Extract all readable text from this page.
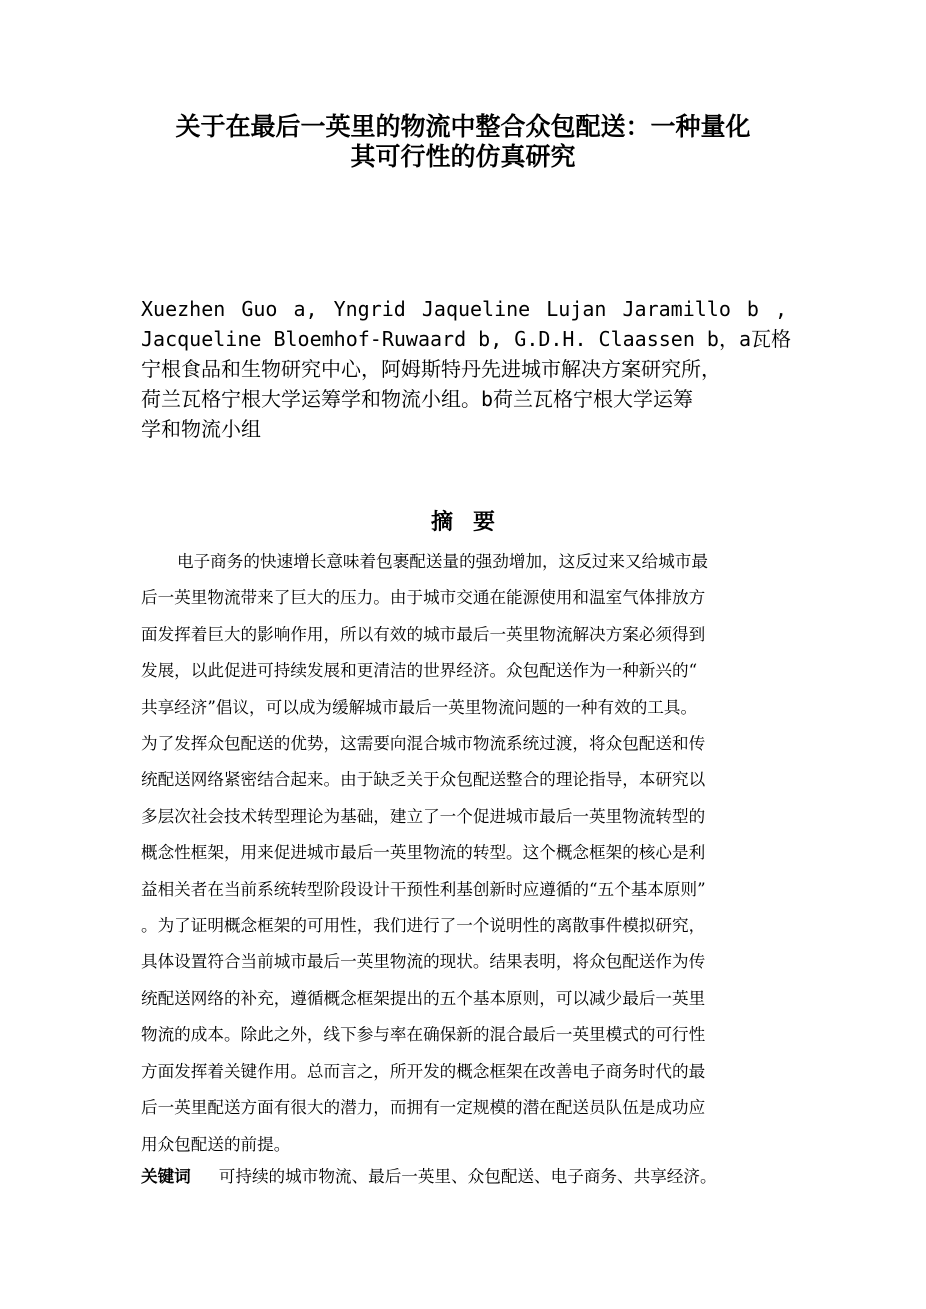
关于在最后一英里的物流中整合众包配送：一种量化
其可行性的仿真研究
Xuezhen Guo a, Yngrid Jaqueline Lujan Jaramillo b ,
Jacqueline Bloemhof-Ruwaard b, G.D.H. Claassen b，a瓦格
宁根食品和生物研究中心，阿姆斯特丹先进城市解决方案研究所，
荷兰瓦格宁根大学运筹学和物流小组。b荷兰瓦格宁根大学运筹
学和物流小组
摘要
电子商务的快速增长意味着包裹配送量的强劲增加，这反过来又给城市最
后一英里物流带来了巨大的压力。由于城市交通在能源使用和温室气体排放方
面发挥着巨大的影响作用，所以有效的城市最后一英里物流解决方案必须得到
发展，以此促进可持续发展和更清洁的世界经济。众包配送作为一种新兴的“
共享经济”倡议，可以成为缓解城市最后一英里物流问题的一种有效的工具。
为了发挥众包配送的优势，这需要向混合城市物流系统过渡，将众包配送和传
统配送网络紧密结合起来。由于缺乏关于众包配送整合的理论指导，本研究以
多层次社会技术转型理论为基础，建立了一个促进城市最后一英里物流转型的
概念性框架，用来促进城市最后一英里物流的转型。这个概念框架的核心是利
益相关者在当前系统转型阶段设计干预性利基创新时应遵循的“五个基本原则”
。为了证明概念框架的可用性，我们进行了一个说明性的离散事件模拟研究，
具体设置符合当前城市最后一英里物流的现状。结果表明，将众包配送作为传
统配送网络的补充，遵循概念框架提出的五个基本原则，可以减少最后一英里
物流的成本。除此之外，线下参与率在确保新的混合最后一英里模式的可行性
方面发挥着关键作用。总而言之，所开发的概念框架在改善电子商务时代的最
后一英里配送方面有很大的潜力，而拥有一定规模的潜在配送员队伍是成功应
用众包配送的前提。
关键词 可持续的城市物流、最后一英里、众包配送、电子商务、共享经济。
